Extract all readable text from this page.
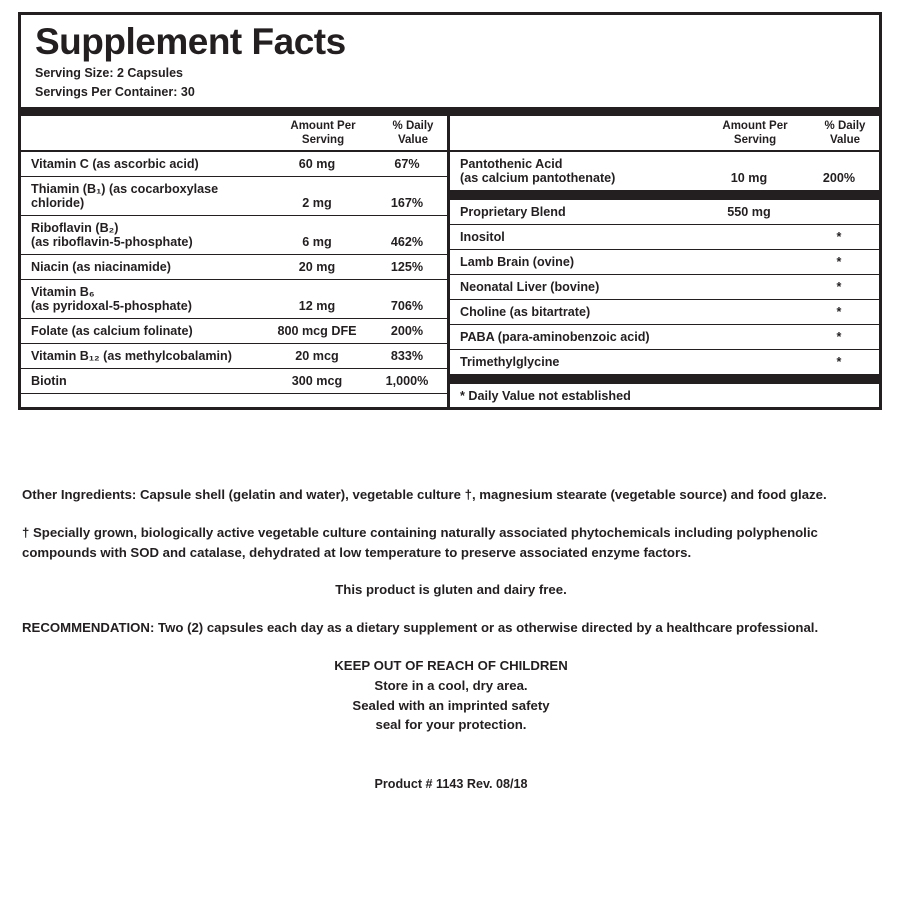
Supplement Facts
Serving Size: 2 Capsules
Servings Per Container: 30
Amount Per
Serving
% Daily
Value
Vitamin C (as ascorbic acid)	60 mg	67%
Thiamin (B₁) (as cocarboxylase chloride)	2 mg	167%
Riboflavin (B₂)		
(as riboflavin-5-phosphate)	6 mg	462%
Niacin (as niacinamide)	20 mg	125%
Vitamin B₆		
(as pyridoxal-5-phosphate)	12 mg	706%
Folate (as calcium folinate)	800 mcg DFE	200%
Vitamin B₁₂ (as methylcobalamin)	20 mcg	833%
Biotin	300 mcg	1,000%
Amount Per
Serving
% Daily
Value
Pantothenic Acid		
(as calcium pantothenate)	10 mg	200%
Proprietary Blend	550 mg	
Inositol		*
Lamb Brain (ovine)		*
Neonatal Liver (bovine)		*
Choline (as bitartrate)		*
PABA (para-aminobenzoic acid)		*
Trimethylglycine		*
* Daily Value not established
Other Ingredients: Capsule shell (gelatin and water), vegetable culture †, magnesium stearate (vegetable source) and food glaze.
† Specially grown, biologically active vegetable culture containing naturally associated phytochemicals including polyphenolic compounds with SOD and catalase, dehydrated at low temperature to preserve associated enzyme factors.
This product is gluten and dairy free.
RECOMMENDATION: Two (2) capsules each day as a dietary supplement or as otherwise directed by a healthcare professional.
KEEP OUT OF REACH OF CHILDREN
Store in a cool, dry area.
Sealed with an imprinted safety
seal for your protection.
Product # 1143 Rev. 08/18
